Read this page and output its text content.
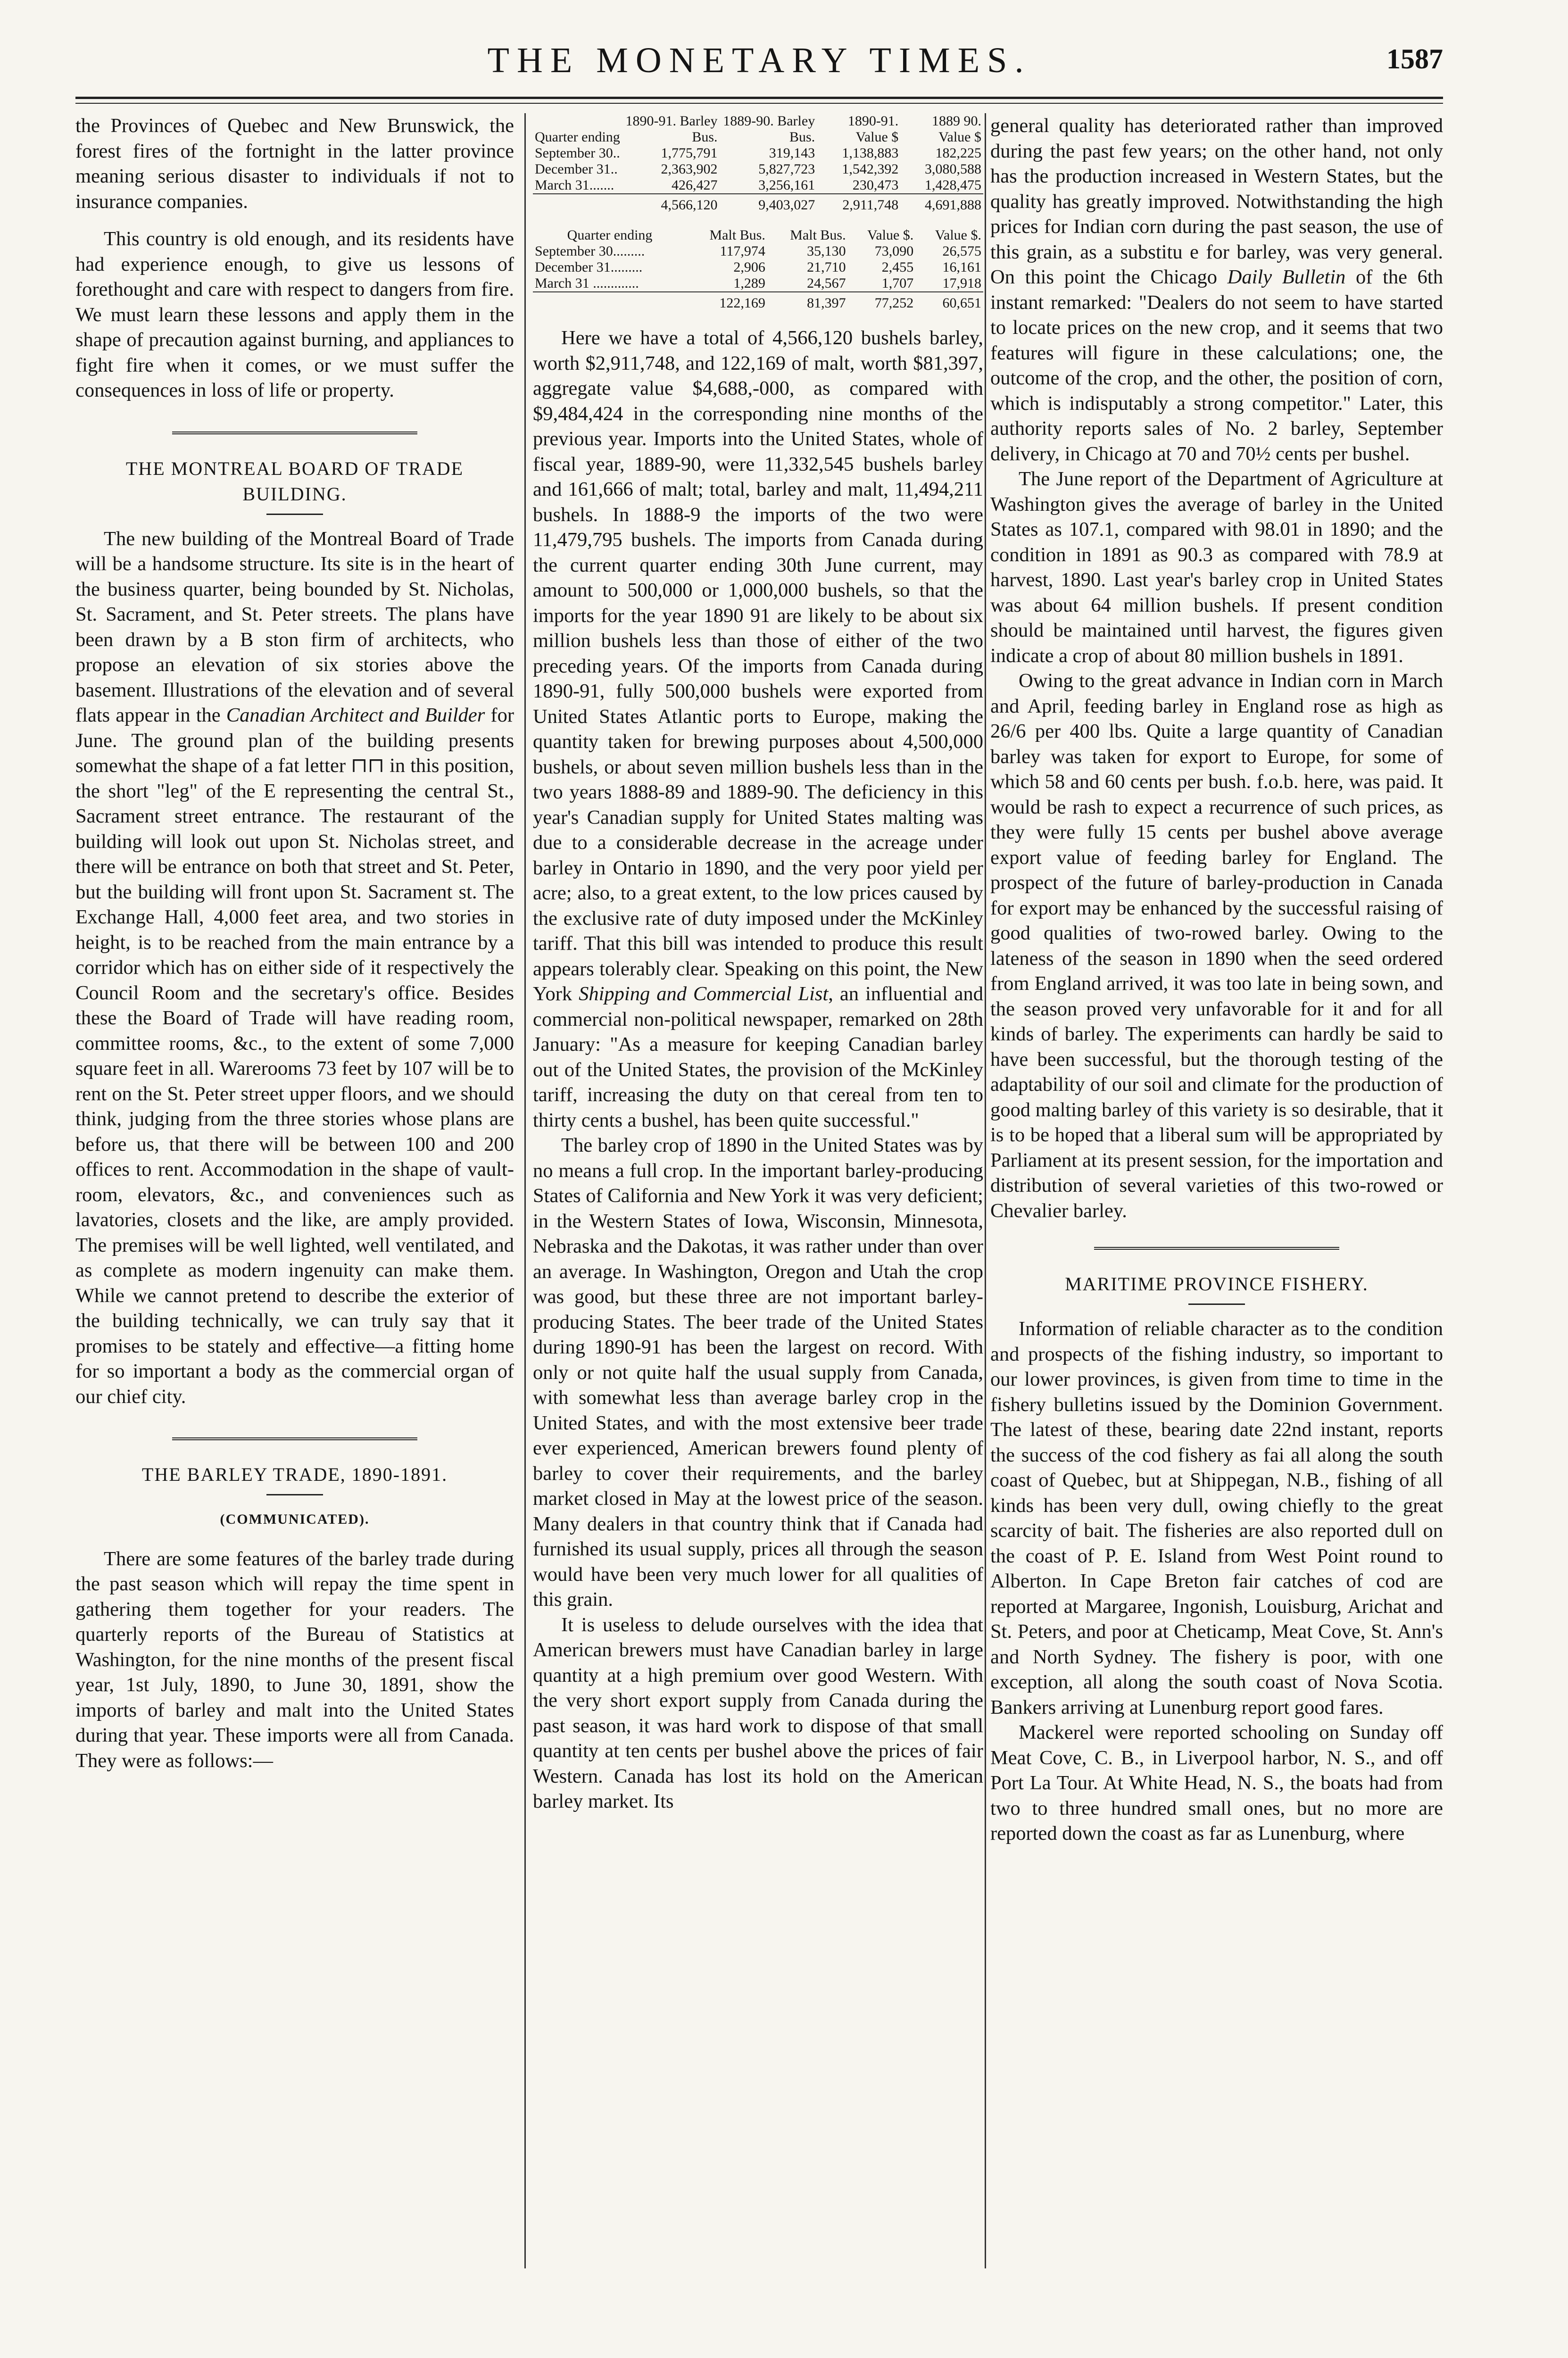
THE MONETARY TIMES.	1587

the Provinces of Quebec and New Brunswick, the forest fires of the fortnight in the latter province meaning serious disaster to individuals if not to insurance companies.

This country is old enough, and its residents have had experience enough, to give us lessons of forethought and care with respect to dangers from fire. We must learn these lessons and apply them in the shape of precaution against burning, and appliances to fight fire when it comes, or we must suffer the consequences in loss of life or property.

THE MONTREAL BOARD OF TRADE BUILDING.

The new building of the Montreal Board of Trade will be a handsome structure. Its site is in the heart of the business quarter, being bounded by St. Nicholas, St. Sacrament, and St. Peter streets. The plans have been drawn by a B ston firm of architects, who propose an elevation of six stories above the basement. Illustrations of the elevation and of several flats appear in the Canadian Architect and Builder for June. The ground plan of the building presents somewhat the shape of a fat letter ⊓⊓ in this position, the short "leg" of the E representing the central St., Sacrament street entrance. The restaurant of the building will look out upon St. Nicholas street, and there will be entrance on both that street and St. Peter, but the building will front upon St. Sacrament st. The Exchange Hall, 4,000 feet area, and two stories in height, is to be reached from the main entrance by a corridor which has on either side of it respectively the Council Room and the secretary's office. Besides these the Board of Trade will have reading room, committee rooms, &c., to the extent of some 7,000 square feet in all. Warerooms 73 feet by 107 will be to rent on the St. Peter street upper floors, and we should think, judging from the three stories whose plans are before us, that there will be between 100 and 200 offices to rent. Accommodation in the shape of vault-room, elevators, &c., and conveniences such as lavatories, closets and the like, are amply provided. The premises will be well lighted, well ventilated, and as complete as modern ingenuity can make them. While we cannot pretend to describe the exterior of the building technically, we can truly say that it promises to be stately and effective—a fitting home for so important a body as the commercial organ of our chief city.

THE BARLEY TRADE, 1890-1891.

(COMMUNICATED).

There are some features of the barley trade during the past season which will repay the time spent in gathering them together for your readers. The quarterly reports of the Bureau of Statistics at Washington, for the nine months of the present fiscal year, 1st July, 1890, to June 30, 1891, show the imports of barley and malt into the United States during that year. These imports were all from Canada. They were as follows:—

Quarter ending	1890-91. Barley Bus.	1889-90. Barley Bus.	1890-91. Value $	1889 90. Value $
September 30..	1,775,791	319,143	1,138,883	182,225
December 31..	2,363,902	5,827,723	1,542,392	3,080,588
March 31.......	426,427	3,256,161	230,473	1,428,475
	4,566,120	9,403,027	2,911,748	4,691,888
Quarter ending	Malt Bus.	Malt Bus.	Value $.	Value $.
September 30.........	117,974	35,130	73,090	26,575
December 31.........	2,906	21,710	2,455	16,161
March 31 .............	1,289	24,567	1,707	17,918
	122,169	81,397	77,252	60,651

Here we have a total of 4,566,120 bushels barley, worth $2,911,748, and 122,169 of malt, worth $81,397, aggregate value $4,688,-000, as compared with $9,484,424 in the corresponding nine months of the previous year. Imports into the United States, whole of fiscal year, 1889-90, were 11,332,545 bushels barley and 161,666 of malt; total, barley and malt, 11,494,211 bushels. In 1888-9 the imports of the two were 11,479,795 bushels. The imports from Canada during the current quarter ending 30th June current, may amount to 500,000 or 1,000,000 bushels, so that the imports for the year 1890 91 are likely to be about six million bushels less than those of either of the two preceding years. Of the imports from Canada during 1890-91, fully 500,000 bushels were exported from United States Atlantic ports to Europe, making the quantity taken for brewing purposes about 4,500,000 bushels, or about seven million bushels less than in the two years 1888-89 and 1889-90. The deficiency in this year's Canadian supply for United States malting was due to a considerable decrease in the acreage under barley in Ontario in 1890, and the very poor yield per acre; also, to a great extent, to the low prices caused by the exclusive rate of duty imposed under the McKinley tariff. That this bill was intended to produce this result appears tolerably clear. Speaking on this point, the New York Shipping and Commercial List, an influential and commercial non-political newspaper, remarked on 28th January: "As a measure for keeping Canadian barley out of the United States, the provision of the McKinley tariff, increasing the duty on that cereal from ten to thirty cents a bushel, has been quite successful."

The barley crop of 1890 in the United States was by no means a full crop. In the important barley-producing States of California and New York it was very deficient; in the Western States of Iowa, Wisconsin, Minnesota, Nebraska and the Dakotas, it was rather under than over an average. In Washington, Oregon and Utah the crop was good, but these three are not important barley-producing States. The beer trade of the United States during 1890-91 has been the largest on record. With only or not quite half the usual supply from Canada, with somewhat less than average barley crop in the United States, and with the most extensive beer trade ever experienced, American brewers found plenty of barley to cover their requirements, and the barley market closed in May at the lowest price of the season. Many dealers in that country think that if Canada had furnished its usual supply, prices all through the season would have been very much lower for all qualities of this grain.

It is useless to delude ourselves with the idea that American brewers must have Canadian barley in large quantity at a high premium over good Western. With the very short export supply from Canada during the past season, it was hard work to dispose of that small quantity at ten cents per bushel above the prices of fair Western. Canada has lost its hold on the American barley market. Its

general quality has deteriorated rather than improved during the past few years; on the other hand, not only has the production increased in Western States, but the quality has greatly improved. Notwithstanding the high prices for Indian corn during the past season, the use of this grain, as a substitu e for barley, was very general. On this point the Chicago Daily Bulletin of the 6th instant remarked: "Dealers do not seem to have started to locate prices on the new crop, and it seems that two features will figure in these calculations; one, the outcome of the crop, and the other, the position of corn, which is indisputably a strong competitor." Later, this authority reports sales of No. 2 barley, September delivery, in Chicago at 70 and 70½ cents per bushel.

The June report of the Department of Agriculture at Washington gives the average of barley in the United States as 107.1, compared with 98.01 in 1890; and the condition in 1891 as 90.3 as compared with 78.9 at harvest, 1890. Last year's barley crop in United States was about 64 million bushels. If present condition should be maintained until harvest, the figures given indicate a crop of about 80 million bushels in 1891.

Owing to the great advance in Indian corn in March and April, feeding barley in England rose as high as 26/6 per 400 lbs. Quite a large quantity of Canadian barley was taken for export to Europe, for some of which 58 and 60 cents per bush. f.o.b. here, was paid. It would be rash to expect a recurrence of such prices, as they were fully 15 cents per bushel above average export value of feeding barley for England. The prospect of the future of barley-production in Canada for export may be enhanced by the successful raising of good qualities of two-rowed barley. Owing to the lateness of the season in 1890 when the seed ordered from England arrived, it was too late in being sown, and the season proved very unfavorable for it and for all kinds of barley. The experiments can hardly be said to have been successful, but the thorough testing of the adaptability of our soil and climate for the production of good malting barley of this variety is so desirable, that it is to be hoped that a liberal sum will be appropriated by Parliament at its present session, for the importation and distribution of several varieties of this two-rowed or Chevalier barley.

MARITIME PROVINCE FISHERY.

Information of reliable character as to the condition and prospects of the fishing industry, so important to our lower provinces, is given from time to time in the fishery bulletins issued by the Dominion Government. The latest of these, bearing date 22nd instant, reports the success of the cod fishery as fai all along the south coast of Quebec, but at Shippegan, N.B., fishing of all kinds has been very dull, owing chiefly to the great scarcity of bait. The fisheries are also reported dull on the coast of P. E. Island from West Point round to Alberton. In Cape Breton fair catches of cod are reported at Margaree, Ingonish, Louisburg, Arichat and St. Peters, and poor at Cheticamp, Meat Cove, St. Ann's and North Sydney. The fishery is poor, with one exception, all along the south coast of Nova Scotia. Bankers arriving at Lunenburg report good fares.

Mackerel were reported schooling on Sunday off Meat Cove, C. B., in Liverpool harbor, N. S., and off Port La Tour. At White Head, N. S., the boats had from two to three hundred small ones, but no more are reported down the coast as far as Lunenburg, where
